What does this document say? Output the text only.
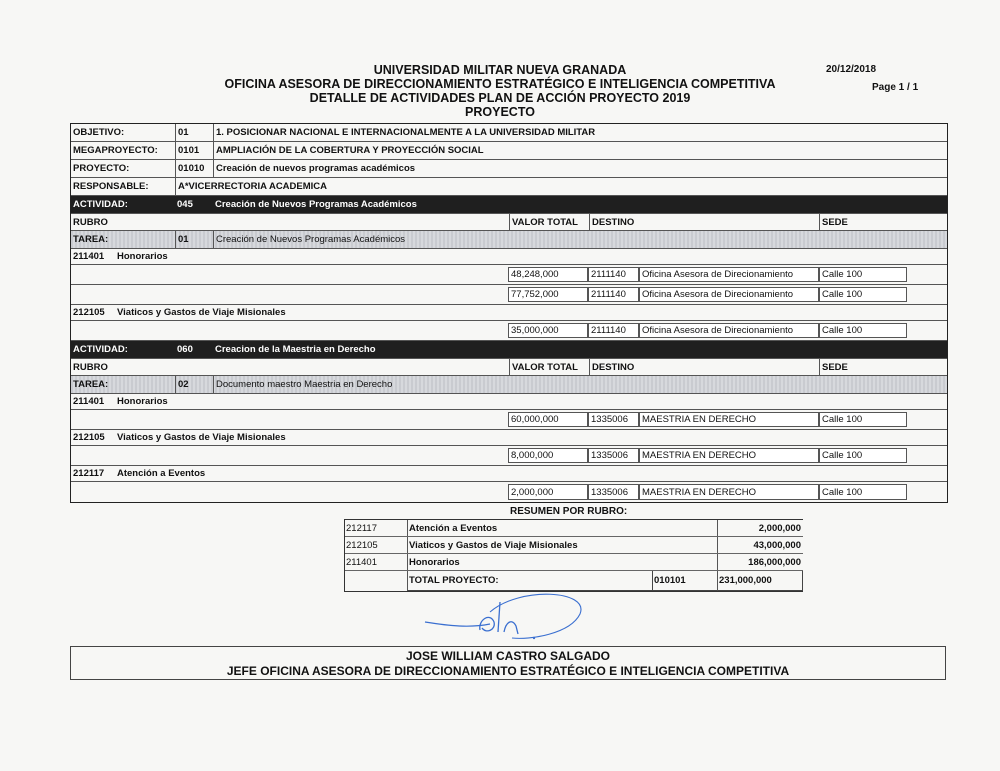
UNIVERSIDAD MILITAR NUEVA GRANADA
OFICINA ASESORA DE DIRECCIONAMIENTO ESTRATÉGICO E INTELIGENCIA COMPETITIVA
DETALLE DE ACTIVIDADES PLAN DE ACCIÓN PROYECTO 2019
PROYECTO
20/12/2018
Page 1 / 1
OBJETIVO:	01	1. POSICIONAR NACIONAL E INTERNACIONALMENTE A LA UNIVERSIDAD MILITAR
MEGAPROYECTO:	0101	AMPLIACIÓN DE LA COBERTURA Y PROYECCIÓN SOCIAL
PROYECTO:	01010	Creación de nuevos programas académicos
RESPONSABLE:	A*VICERRECTORIA ACADEMICA
ACTIVIDAD:	045	Creación de Nuevos Programas Académicos
RUBRO	VALOR TOTAL	DESTINO	SEDE
TAREA:	01	Creación de Nuevos Programas Académicos
211401	Honorarios
48,248,000	2111140	Oficina Asesora de Direcionamiento	Calle 100
77,752,000	2111140	Oficina Asesora de Direcionamiento	Calle 100
212105	Viaticos y Gastos de Viaje Misionales
35,000,000	2111140	Oficina Asesora de Direcionamiento	Calle 100
ACTIVIDAD:	060	Creacion de la Maestria en Derecho
RUBRO	VALOR TOTAL	DESTINO	SEDE
TAREA:	02	Documento maestro Maestria en Derecho
211401	Honorarios
60,000,000	1335006	MAESTRIA EN DERECHO	Calle 100
212105	Viaticos y Gastos de Viaje Misionales
8,000,000	1335006	MAESTRIA EN DERECHO	Calle 100
212117	Atención a Eventos
2,000,000	1335006	MAESTRIA EN DERECHO	Calle 100
RESUMEN POR RUBRO:
212117	Atención a Eventos	2,000,000
212105	Viaticos y Gastos de Viaje Misionales	43,000,000
211401	Honorarios	186,000,000
TOTAL PROYECTO:	010101	231,000,000
JOSE WILLIAM CASTRO SALGADO
JEFE OFICINA ASESORA DE DIRECCIONAMIENTO ESTRATÉGICO E INTELIGENCIA COMPETITIVA
